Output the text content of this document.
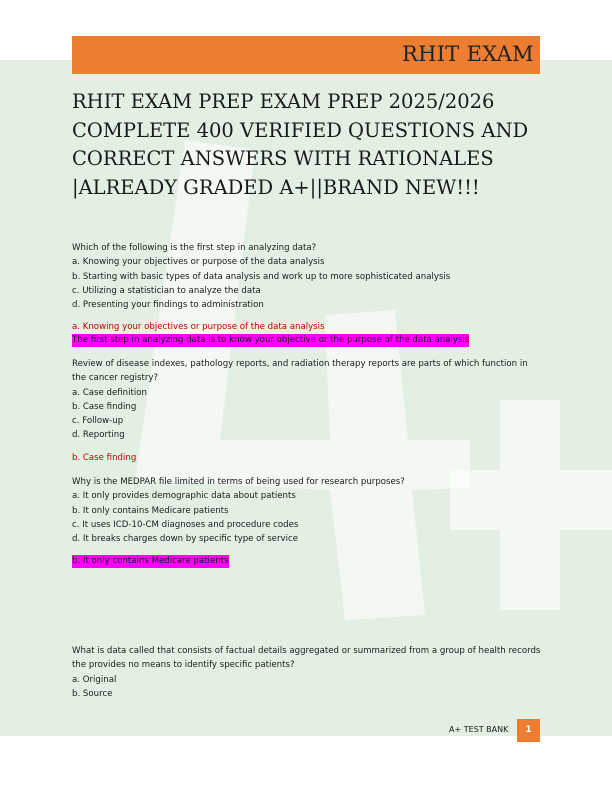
RHIT EXAM
RHIT EXAM PREP EXAM PREP 2025/2026 COMPLETE 400 VERIFIED QUESTIONS AND CORRECT ANSWERS WITH RATIONALES |ALREADY GRADED A+||BRAND NEW!!!

Which of the following is the first step in analyzing data?

a. Knowing your objectives or purpose of the data analysis

b. Starting with basic types of data analysis and work up to more sophisticated analysis

c. Utilizing a statistician to analyze the data

d. Presenting your findings to administration

a. Knowing your objectives or purpose of the data analysis
The first step in analyzing data is to know your objective or the purpose of the data analysis

Review of disease indexes, pathology reports, and radiation therapy reports are parts of which function in the cancer registry?

a. Case definition

b. Case finding

c. Follow-up

d. Reporting

b. Case finding

Why is the MEDPAR file limited in terms of being used for research purposes?

a. It only provides demographic data about patients

b. It only contains Medicare patients

c. It uses ICD-10-CM diagnoses and procedure codes

d. It breaks charges down by specific type of service

b. It only contains Medicare patients

What is data called that consists of factual details aggregated or summarized from a group of health records the provides no means to identify specific patients?

a. Original

b. Source

A+ TEST BANK	1
